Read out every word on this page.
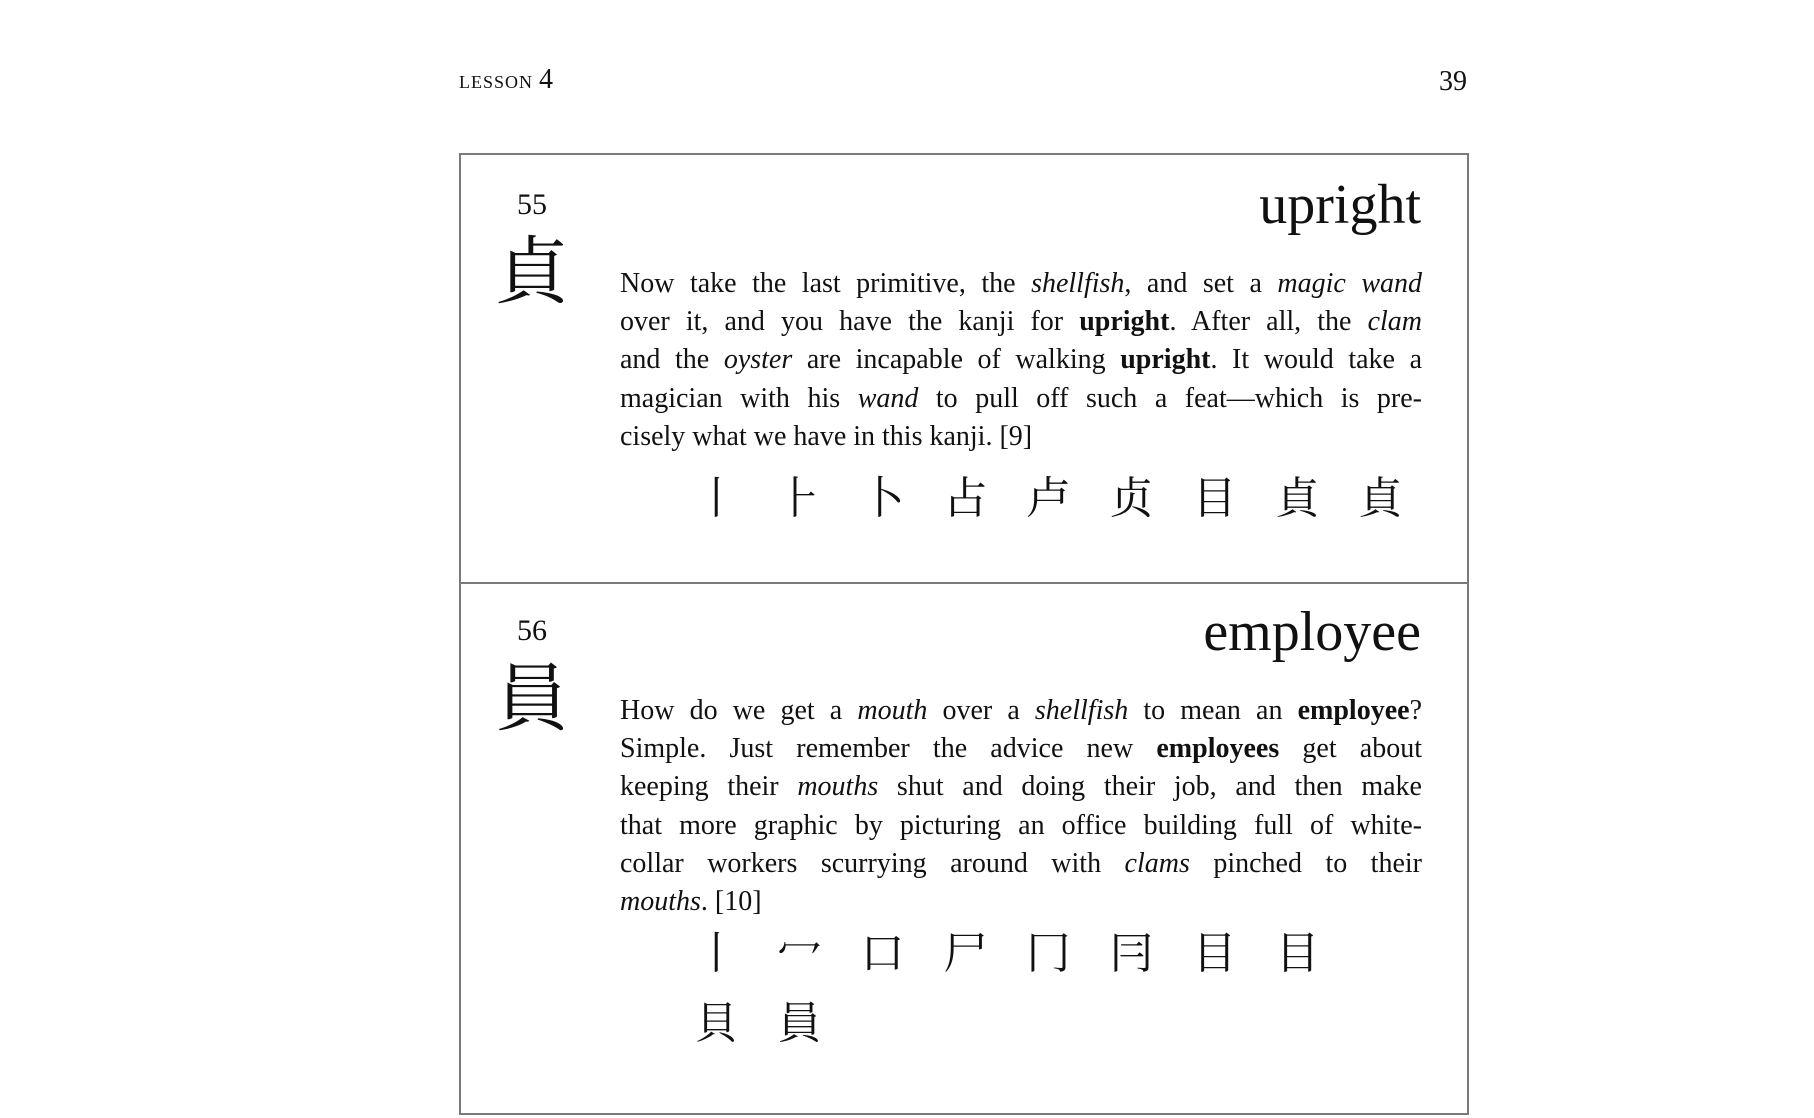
lesson 4	39
55
貞
upright
Now take the last primitive, the shellfish, and set a magic wand
over it, and you have the kanji for upright. After all, the clam
and the oyster are incapable of walking upright. It would take a
magician with his wand to pull off such a feat—which is pre-
cisely what we have in this kanji. [9]
丨 ⺊ 卜 占 卢 贞 目 貞 貞
56
員
employee
How do we get a mouth over a shellfish to mean an employee?
Simple. Just remember the advice new employees get about
keeping their mouths shut and doing their job, and then make
that more graphic by picturing an office building full of white-
collar workers scurrying around with clams pinched to their
mouths. [10]
丨 冖 口 尸 冂 冃 目 目
貝 員
